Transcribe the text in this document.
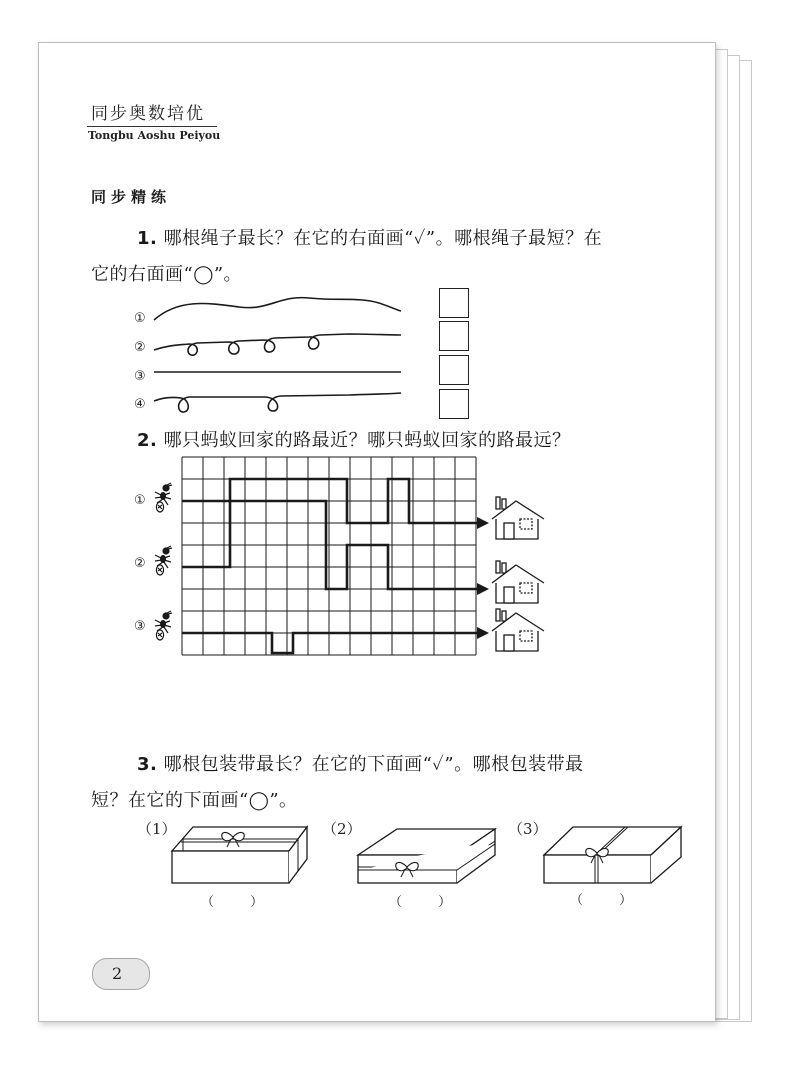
同步奥数培优
Tongbu Aoshu Peiyou
同步精练
1. 哪根绳子最长？在它的右面画“✓”。哪根绳子最短？在
它的右面画“◯”。
①
②
③
④
2. 哪只蚂蚁回家的路最近？哪只蚂蚁回家的路最远？
①
②
③
3. 哪根包装带最长？在它的下面画“✓”。哪根包装带最
短？在它的下面画“◯”。
（1）	（2）	（3）
（ ）	（ ）	（ ）
2
